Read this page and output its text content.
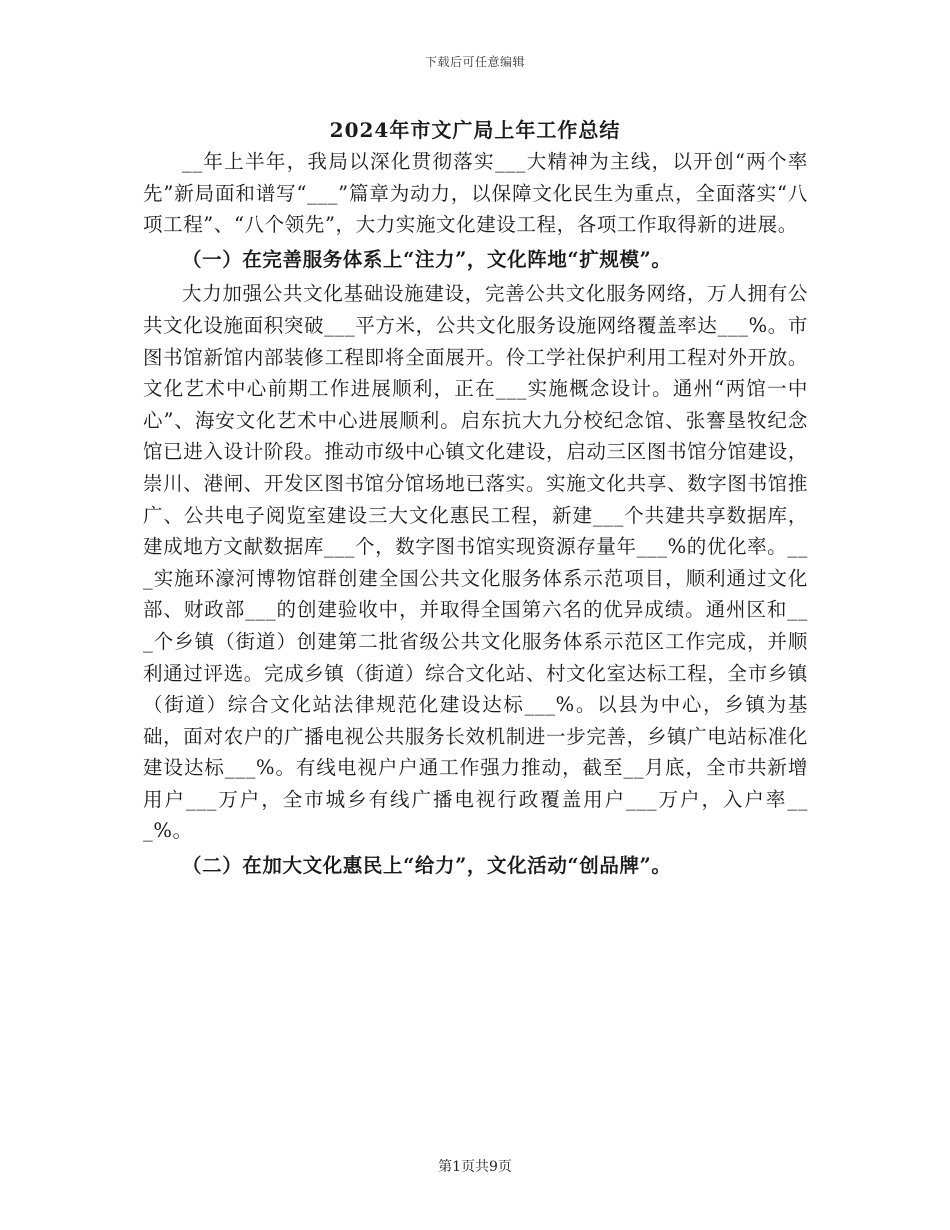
下载后可任意编辑
2024年市文广局上年工作总结

__年上半年，我局以深化贯彻落实___大精神为主线，以开创“两个率先”新局面和谱写“___”篇章为动力，以保障文化民生为重点，全面落实“八项工程”、“八个领先”，大力实施文化建设工程，各项工作取得新的进展。

（一）在完善服务体系上“注力”，文化阵地“扩规模”。

大力加强公共文化基础设施建设，完善公共文化服务网络，万人拥有公共文化设施面积突破___平方米，公共文化服务设施网络覆盖率达___%。市图书馆新馆内部装修工程即将全面展开。伶工学社保护利用工程对外开放。文化艺术中心前期工作进展顺利，正在___实施概念设计。通州“两馆一中心”、海安文化艺术中心进展顺利。启东抗大九分校纪念馆、张謇垦牧纪念馆已进入设计阶段。推动市级中心镇文化建设，启动三区图书馆分馆建设，崇川、港闸、开发区图书馆分馆场地已落实。实施文化共享、数字图书馆推广、公共电子阅览室建设三大文化惠民工程，新建___个共建共享数据库，建成地方文献数据库___个，数字图书馆实现资源存量年___%的优化率。___实施环濠河博物馆群创建全国公共文化服务体系示范项目，顺利通过文化部、财政部___的创建验收中，并取得全国第六名的优异成绩。通州区和___个乡镇（街道）创建第二批省级公共文化服务体系示范区工作完成，并顺利通过评选。完成乡镇（街道）综合文化站、村文化室达标工程，全市乡镇（街道）综合文化站法律规范化建设达标___%。以县为中心，乡镇为基础，面对农户的广播电视公共服务长效机制进一步完善，乡镇广电站标准化建设达标___%。有线电视户户通工作强力推动，截至__月底，全市共新增用户___万户，全市城乡有线广播电视行政覆盖用户___万户，入户率___%。

（二）在加大文化惠民上“给力”，文化活动“创品牌”。

第1页共9页
